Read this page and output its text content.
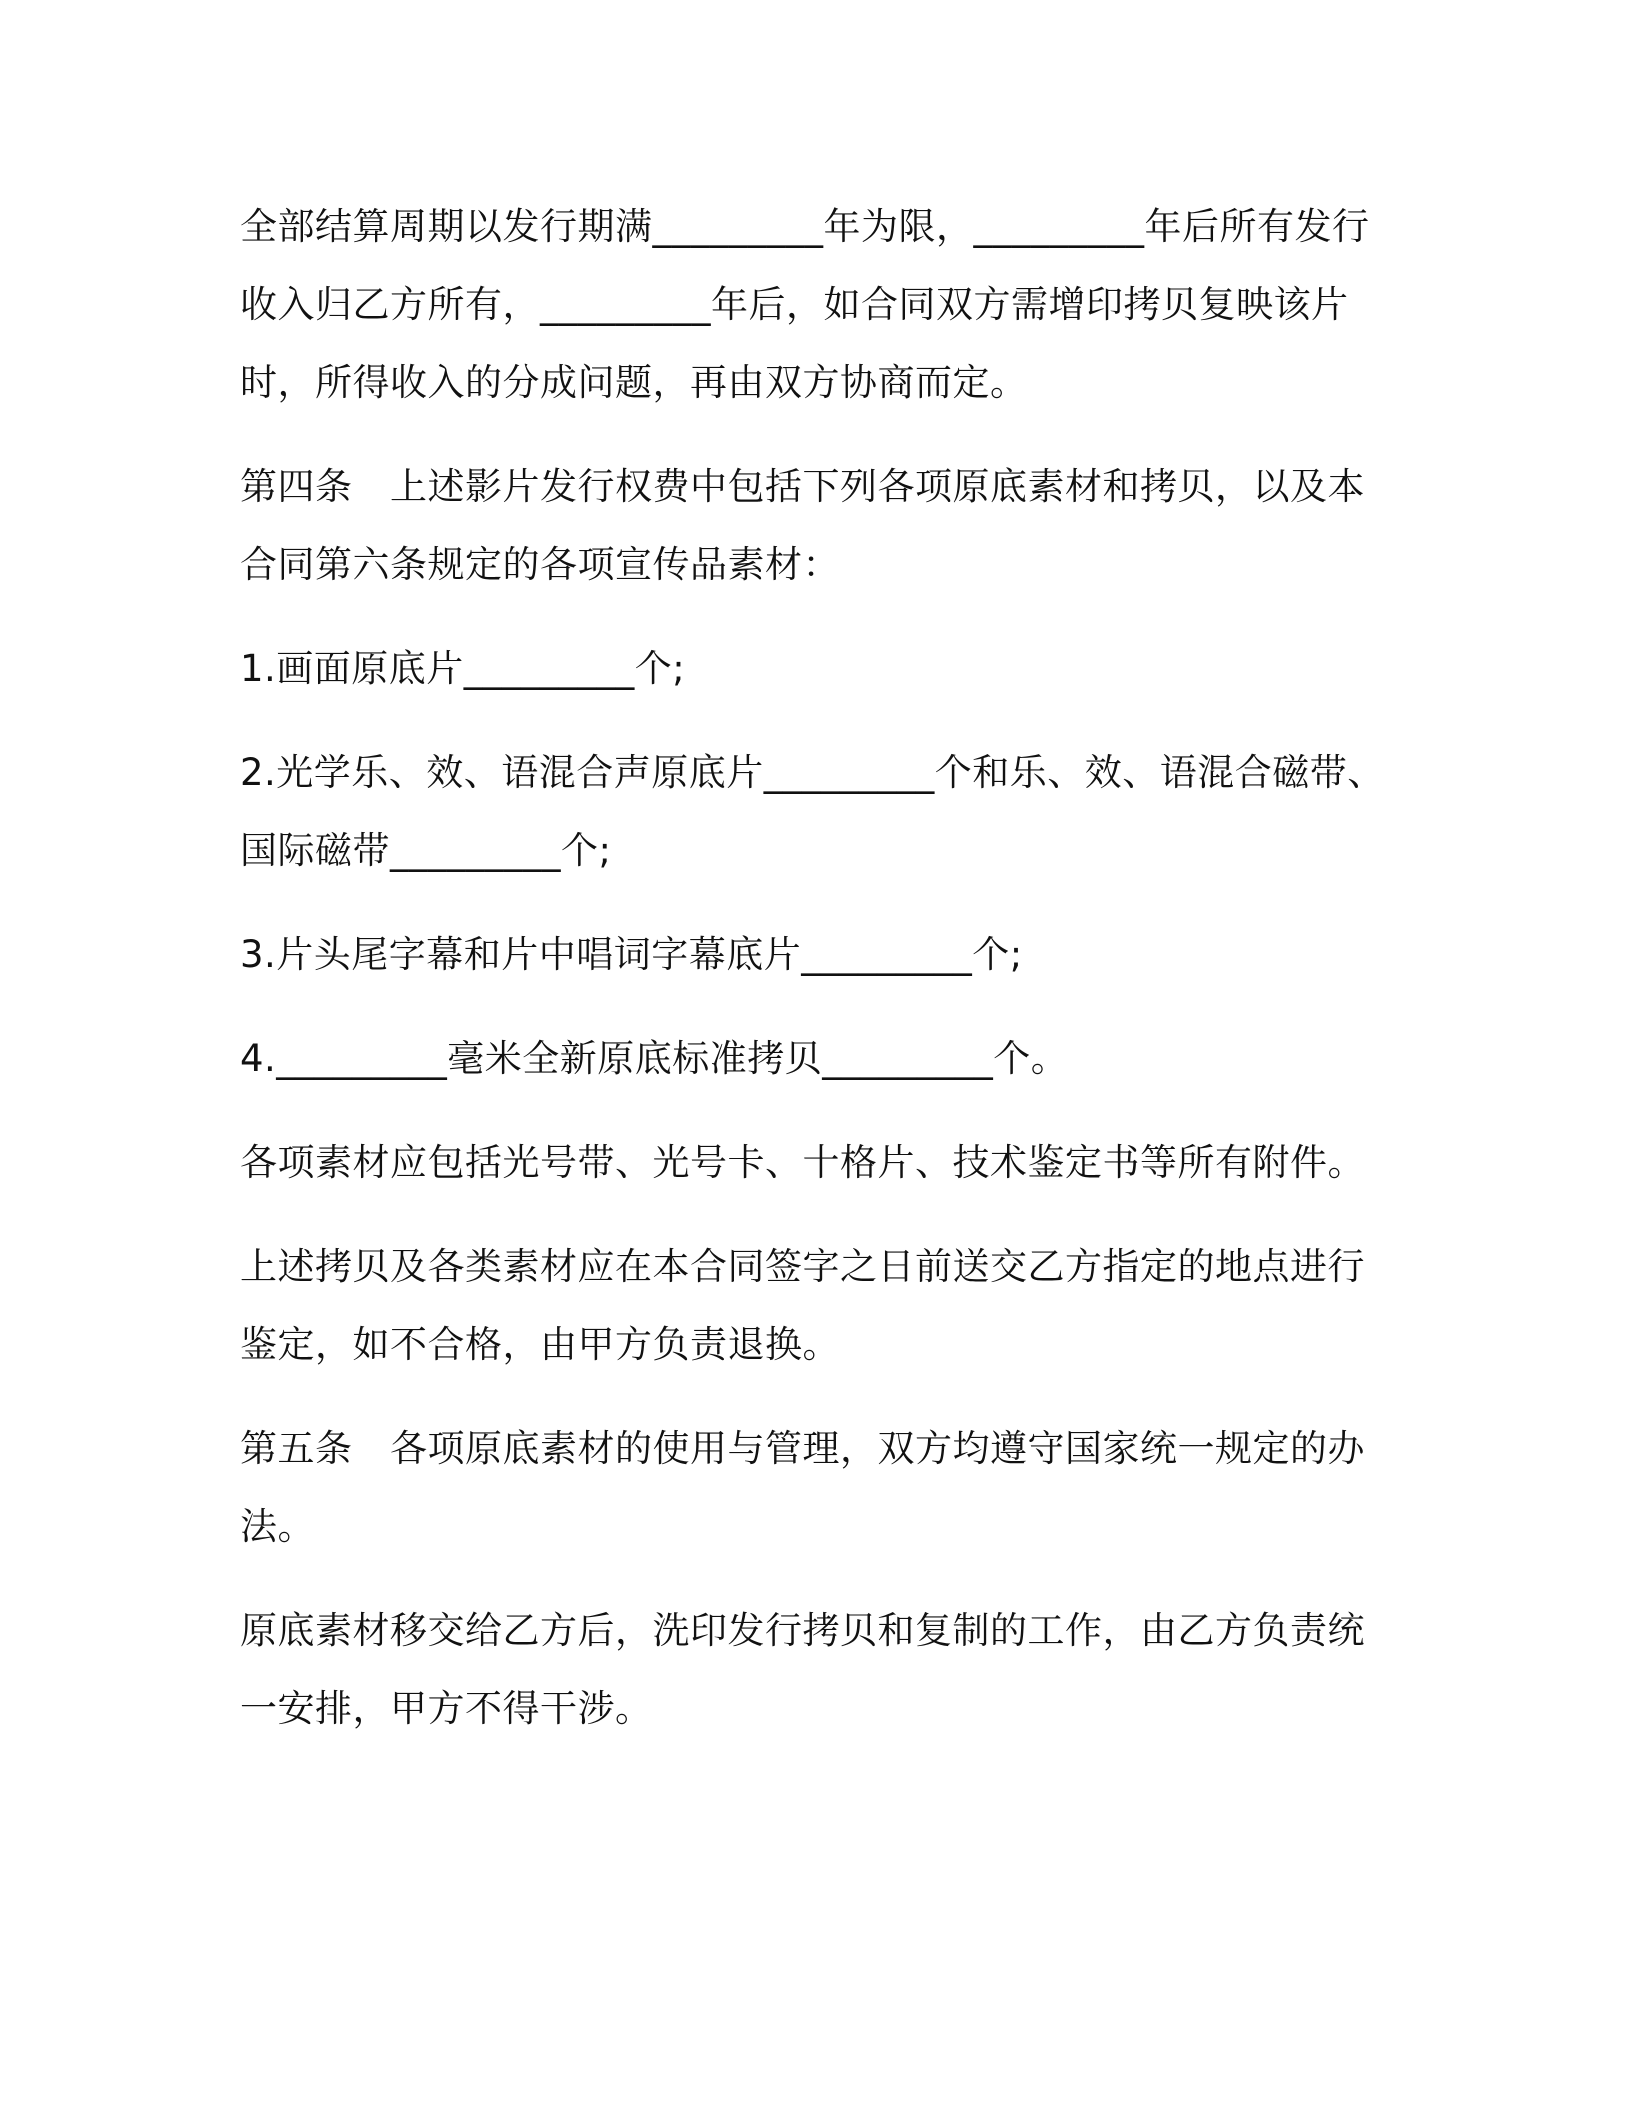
全部结算周期以发行期满_________年为限，_________年后所有发行收入归乙方所有，_________年后，如合同双方需增印拷贝复映该片时，所得收入的分成问题，再由双方协商而定。

第四条　上述影片发行权费中包括下列各项原底素材和拷贝，以及本合同第六条规定的各项宣传品素材：

1.画面原底片_________个;

2.光学乐、效、语混合声原底片_________个和乐、效、语混合磁带、国际磁带_________个;

3.片头尾字幕和片中唱词字幕底片_________个;

4._________毫米全新原底标准拷贝_________个。

各项素材应包括光号带、光号卡、十格片、技术鉴定书等所有附件。

上述拷贝及各类素材应在本合同签字之日前送交乙方指定的地点进行鉴定，如不合格，由甲方负责退换。

第五条　各项原底素材的使用与管理，双方均遵守国家统一规定的办法。

原底素材移交给乙方后，洗印发行拷贝和复制的工作，由乙方负责统一安排，甲方不得干涉。
